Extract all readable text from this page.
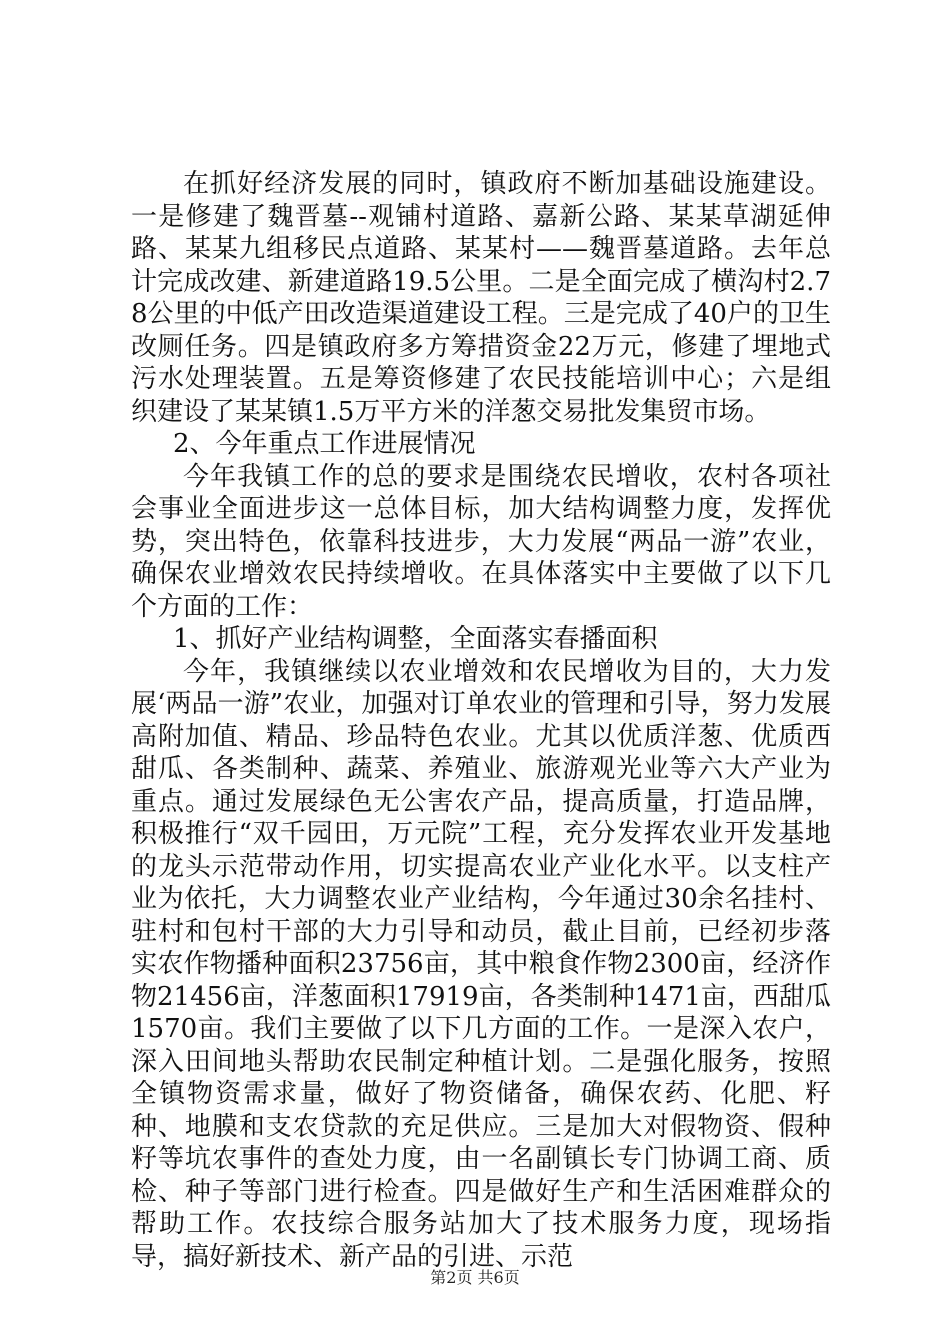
在抓好经济发展的同时，镇政府不断加基础设施建设。一是修建了魏晋墓--观铺村道路、嘉新公路、某某草湖延伸路、某某九组移民点道路、某某村——魏晋墓道路。去年总计完成改建、新建道路19.5公里。二是全面完成了横沟村2.78公里的中低产田改造渠道建设工程。三是完成了40户的卫生改厕任务。四是镇政府多方筹措资金22万元，修建了埋地式污水处理装置。五是筹资修建了农民技能培训中心；六是组织建设了某某镇1.5万平方米的洋葱交易批发集贸市场。

2、今年重点工作进展情况

今年我镇工作的总的要求是围绕农民增收，农村各项社会事业全面进步这一总体目标，加大结构调整力度，发挥优势，突出特色，依靠科技进步，大力发展“两品一游”农业，确保农业增效农民持续增收。在具体落实中主要做了以下几个方面的工作：

1、抓好产业结构调整，全面落实春播面积

今年，我镇继续以农业增效和农民增收为目的，大力发展‘两品一游”农业，加强对订单农业的管理和引导，努力发展高附加值、精品、珍品特色农业。尤其以优质洋葱、优质西甜瓜、各类制种、蔬菜、养殖业、旅游观光业等六大产业为重点。通过发展绿色无公害农产品，提高质量，打造品牌，积极推行“双千园田，万元院”工程，充分发挥农业开发基地的龙头示范带动作用，切实提高农业产业化水平。以支柱产业为依托，大力调整农业产业结构，今年通过30余名挂村、驻村和包村干部的大力引导和动员，截止目前，已经初步落实农作物播种面积23756亩，其中粮食作物2300亩，经济作物21456亩，洋葱面积17919亩，各类制种1471亩，西甜瓜1570亩。我们主要做了以下几方面的工作。一是深入农户，深入田间地头帮助农民制定种植计划。二是强化服务，按照全镇物资需求量，做好了物资储备，确保农药、化肥、籽种、地膜和支农贷款的充足供应。三是加大对假物资、假种籽等坑农事件的查处力度，由一名副镇长专门协调工商、质检、种子等部门进行检查。四是做好生产和生活困难群众的帮助工作。农技综合服务站加大了技术服务力度，现场指导，搞好新技术、新产品的引进、示范

第2页 共6页
